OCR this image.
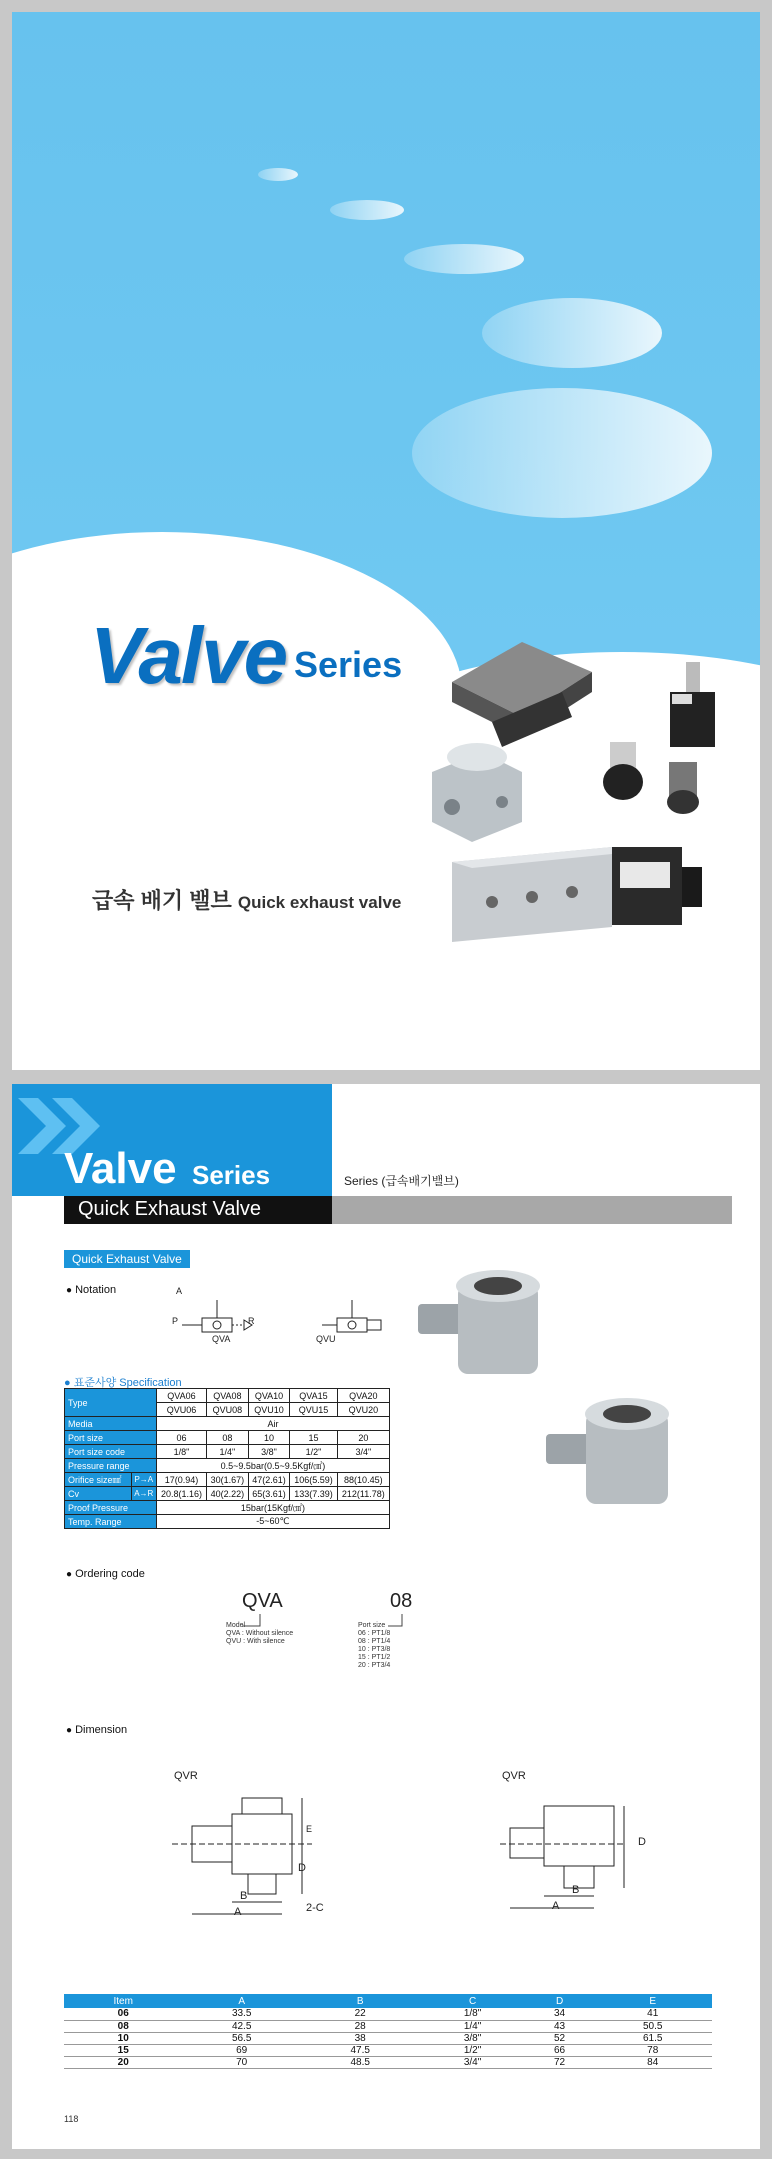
Valve Series
급속 배기 밸브 Quick exhaust valve
Valve Series
Quick Exhaust Valve
Series (급속배기밸브)
Quick Exhaust Valve
● Notation	A
P	R
QVA	QVU
● 표준사양 Specification
Type		QVA06	QVA08	QVA10	QVA15	QVA20
		QVU06	QVU08	QVU10	QVU15	QVU20
Media		Air				
Port size		06	08	10	15	20
Port size code		1/8"	1/4"	3/8"	1/2"	3/4"
Pressure range		0.5~9.5bar(0.5~9.5Kgf/㎠)				
Orifice size㎟	P→A	17(0.94)	30(1.67)	47(2.61)	106(5.59)	88(10.45)
Cv	A→R	20.8(1.16)	40(2.22)	65(3.61)	133(7.39)	212(11.78)
Proof Pressure		15bar(15Kgf/㎠)				
Temp. Range		-5~60℃				
● Ordering code
QVA	08
Model
QVA : Without silence
QVU : With silence
Port size
06 : PT1/8
08 : PT1/4
10 : PT3/8
15 : PT1/2
20 : PT3/4
● Dimension
QVR	QVR
D
E
B
A	2-C
D
B
A
Item	A	B	C	D	E
06	33.5	22	1/8"	34	41
08	42.5	28	1/4"	43	50.5
10	56.5	38	3/8"	52	61.5
15	69	47.5	1/2"	66	78
20	70	48.5	3/4"	72	84
118
